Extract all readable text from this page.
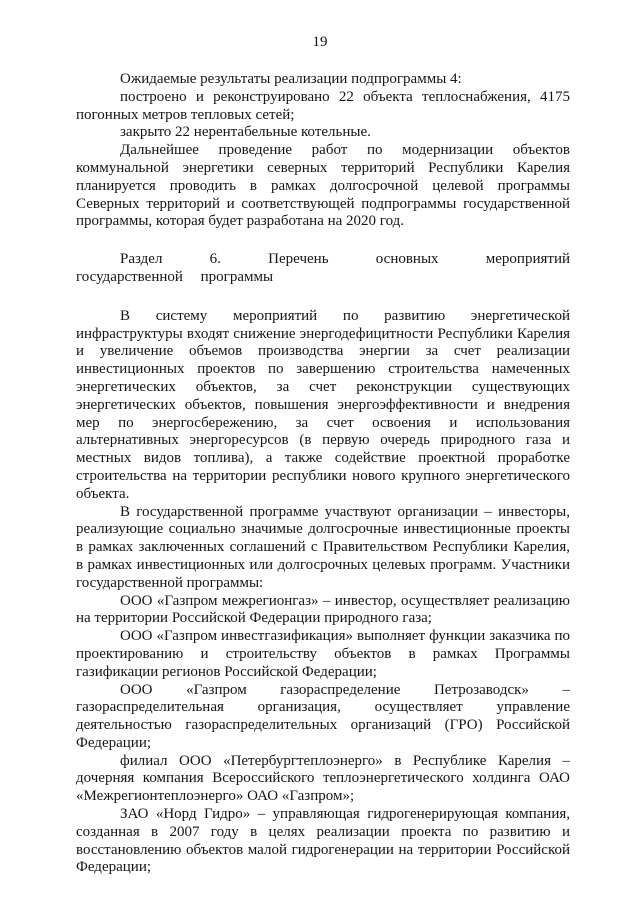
19

Ожидаемые результаты реализации подпрограммы 4:

построено и реконструировано 22 объекта теплоснабжения, 4175 погонных метров тепловых сетей;

закрыто 22 нерентабельные котельные.

Дальнейшее проведение работ по модернизации объектов коммунальной энергетики северных территорий Республики Карелия планируется проводить в рамках долгосрочной целевой программы Северных территорий и соответствующей подпрограммы государственной программы, которая будет разработана на 2020 год.

Раздел 6. Перечень основных мероприятий государственной программы

В систему мероприятий по развитию энергетической инфраструктуры входят снижение энергодефицитности Республики Карелия и увеличение объемов производства энергии за счет реализации инвестиционных проектов по завершению строительства намеченных энергетических объектов, за счет реконструкции существующих энергетических объектов, повышения энергоэффективности и внедрения мер по энергосбережению, за счет освоения и использования альтернативных энергоресурсов (в первую очередь природного газа и местных видов топлива), а также содействие проектной проработке строительства на территории республики нового крупного энергетического объекта.

В государственной программе участвуют организации – инвесторы, реализующие социально значимые долгосрочные инвестиционные проекты в рамках заключенных соглашений с Правительством Республики Карелия, в рамках инвестиционных или долгосрочных целевых программ. Участники государственной программы:

ООО «Газпром межрегионгаз» – инвестор, осуществляет реализацию на территории Российской Федерации природного газа;

ООО «Газпром инвестгазификация» выполняет функции заказчика по проектированию и строительству объектов в рамках Программы газификации регионов Российской Федерации;

ООО «Газпром газораспределение Петрозаводск» – газораспределительная организация, осуществляет управление деятельностью газораспределительных организаций (ГРО) Российской Федерации;

филиал ООО «Петербургтеплоэнерго» в Республике Карелия – дочерняя компания Всероссийского теплоэнергетического холдинга ОАО «Межрегионтеплоэнерго» ОАО «Газпром»;

ЗАО «Норд Гидро» – управляющая гидрогенерирующая компания, созданная в 2007 году в целях реализации проекта по развитию и восстановлению объектов малой гидрогенерации на территории Российской Федерации;
